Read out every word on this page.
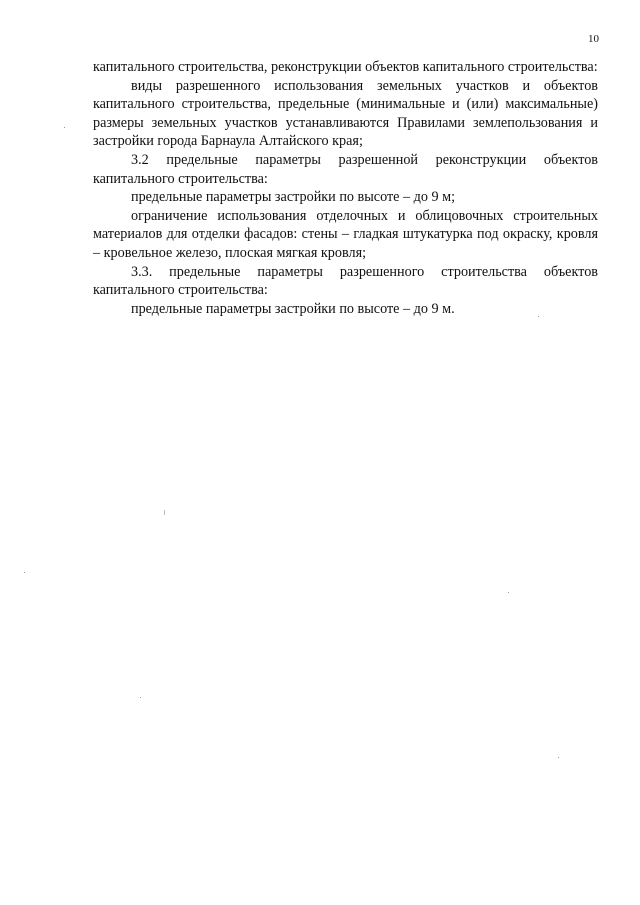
10

капитального строительства, реконструкции объектов капитального строительства:

виды разрешенного использования земельных участков и объектов капитального строительства, предельные (минимальные и (или) максимальные) размеры земельных участков устанавливаются Правилами землепользования и застройки города Барнаула Алтайского края;

3.2 предельные параметры разрешенной реконструкции объектов капитального строительства:

предельные параметры застройки по высоте – до 9 м;

ограничение использования отделочных и облицовочных строительных материалов для отделки фасадов: стены – гладкая штукатурка под окраску, кровля – кровельное железо, плоская мягкая кровля;

3.3. предельные параметры разрешенного строительства объектов капитального строительства:

предельные параметры застройки по высоте – до 9 м.
